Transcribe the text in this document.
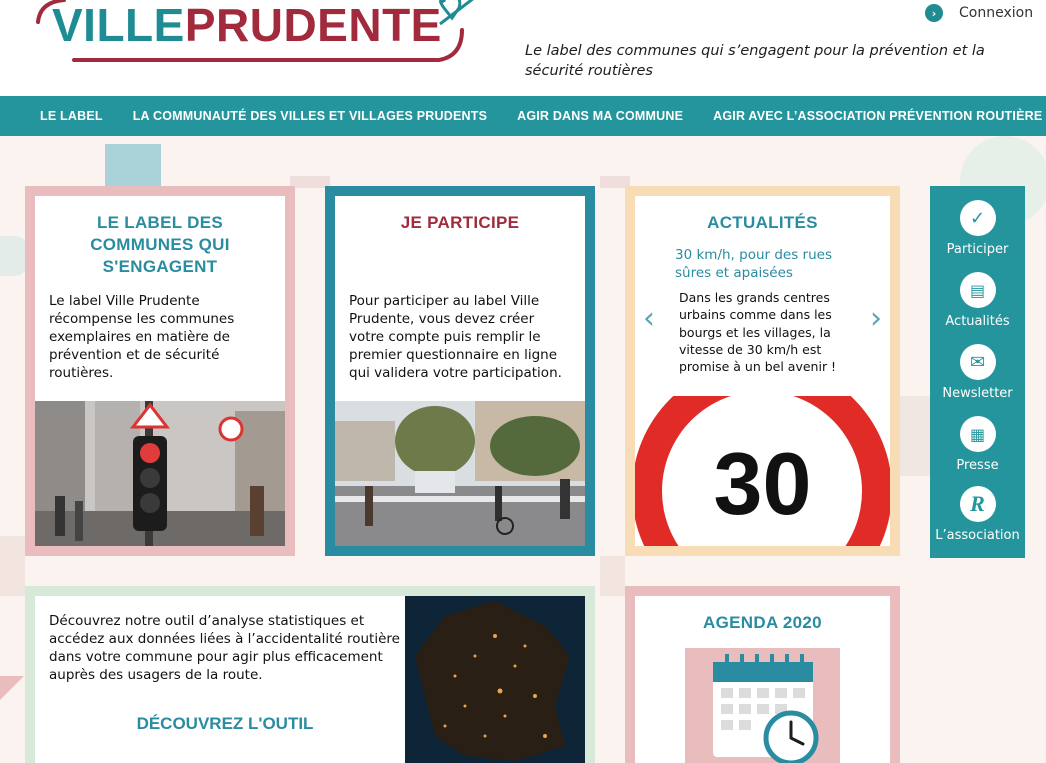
VILLEPRUDENTE	Le label des communes qui s’engagent pour la prévention et la sécurité routières
›	Connexion
LE LABEL LA COMMUNAUTÉ DES VILLES ET VILLAGES PRUDENTS AGIR DANS MA COMMUNE AGIR AVEC L’ASSOCIATION PRÉVENTION ROUTIÈRE
LE LABEL DES COMMUNES QUI S'ENGAGENT
Le label Ville Prudente récompense les communes exemplaires en matière de prévention et de sécurité routières.
JE PARTICIPE
Pour participer au label Ville Prudente, vous devez créer votre compte puis remplir le premier questionnaire en ligne qui validera votre participation.
ACTUALITÉS
30 km/h, pour des rues sûres et apaisées
‹	›
Dans les grands centres urbains comme dans les bourgs et les villages, la vitesse de 30 km/h est promise à un bel avenir !
30
Découvrez notre outil d’analyse statistiques et accédez aux données liées à l’accidentalité routière dans votre commune pour agir plus efficacement auprès des usagers de la route.
DÉCOUVREZ L'OUTIL
AGENDA 2020
✓
Participer
▤
Actualités
✉
Newsletter
▦
Presse
R
L’association
